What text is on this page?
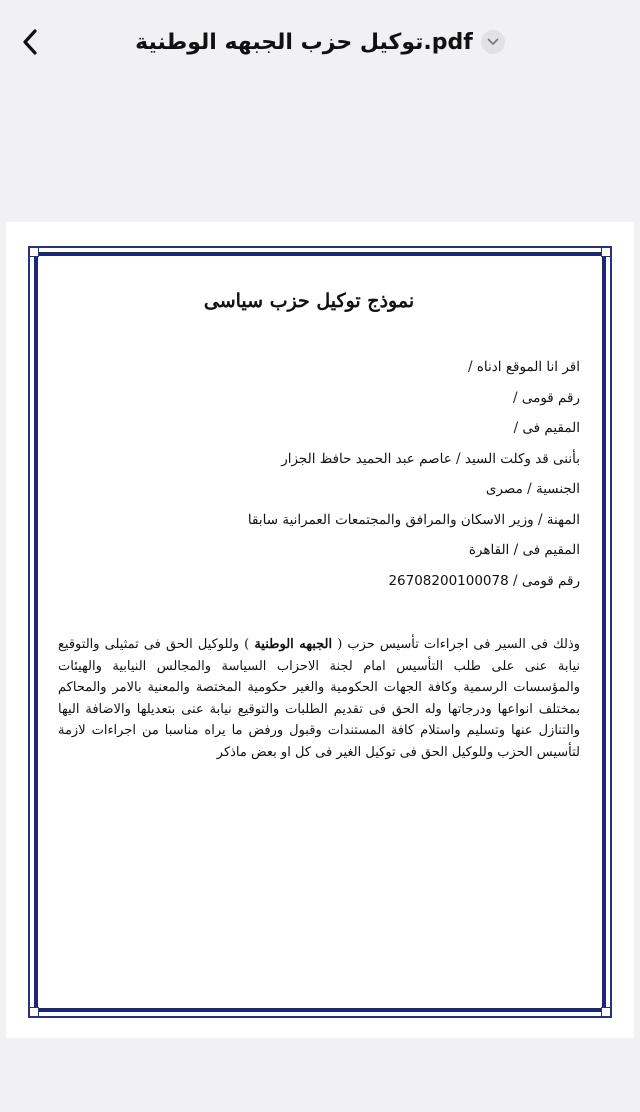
توكيل حزب الجبهه الوطنية.pdf
نموذج توكيل حزب سياسى

اقر انا الموقع ادناه /

رقم قومى /

المقيم فى /

بأننى قد وكلت السيد / عاصم عبد الحميد حافظ الجزار

الجنسية / مصرى

المهنة / وزير الاسكان والمرافق والمجتمعات العمرانية سابقا

المقيم فى / القاهرة

رقم قومى / 26708200100078

وذلك فى السير فى اجراءات تأسيس حزب ( الجبهه الوطنية ) وللوكيل الحق فى تمثيلى والتوقيع نيابة عنى على طلب التأسيس امام لجنة الاحزاب السياسة والمجالس النيابية والهيئات والمؤسسات الرسمية وكافة الجهات الحكومية والغير حكومية المختصة والمعنية بالامر والمحاكم بمختلف انواعها ودرجاتها وله الحق فى تقديم الطلبات والتوقيع نيابة عنى بتعديلها والاضافة اليها والتنازل عنها وتسليم واستلام كافة المستندات وقبول ورفض ما يراه مناسبا من اجراءات لازمة لتأسيس الحزب وللوكيل الحق فى توكيل الغير فى كل او بعض ماذكر
